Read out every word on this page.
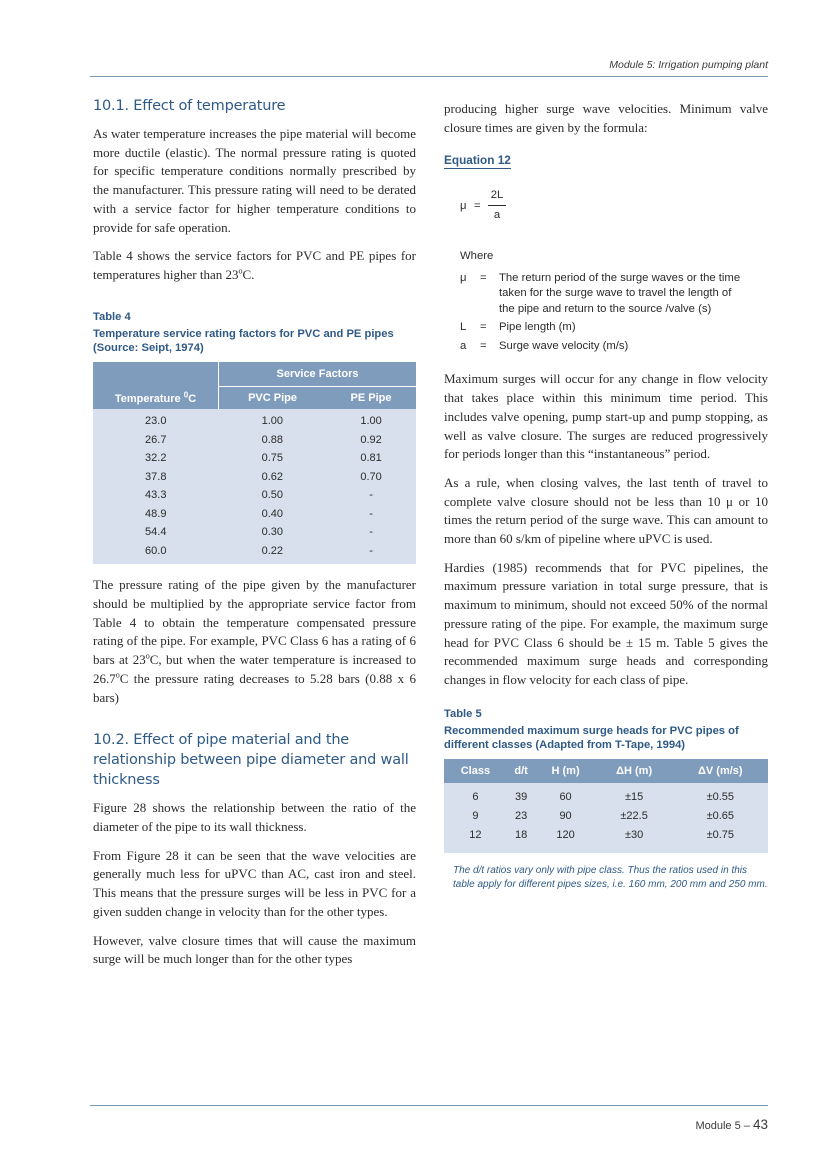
Module 5: Irrigation pumping plant
10.1. Effect of temperature

As water temperature increases the pipe material will become more ductile (elastic). The normal pressure rating is quoted for specific temperature conditions normally prescribed by the manufacturer. This pressure rating will need to be derated with a service factor for higher temperature conditions to provide for safe operation.

Table 4 shows the service factors for PVC and PE pipes for temperatures higher than 23$^o$C.

Table 4

Temperature service rating factors for PVC and PE pipes (Source: Seipt, 1974)

Temperature $^0$C	Service Factors	
	PVC Pipe	PE Pipe
23.0	1.00	1.00
26.7	0.88	0.92
32.2	0.75	0.81
37.8	0.62	0.70
43.3	0.50	-
48.9	0.40	-
54.4	0.30	-
60.0	0.22	-

The pressure rating of the pipe given by the manufacturer should be multiplied by the appropriate service factor from Table 4 to obtain the temperature compensated pressure rating of the pipe. For example, PVC Class 6 has a rating of 6 bars at 23$^o$C, but when the water temperature is increased to 26.7$^o$C the pressure rating decreases to 5.28 bars (0.88 x 6 bars)

10.2. Effect of pipe material and the relationship between pipe diameter and wall thickness

Figure 28 shows the relationship between the ratio of the diameter of the pipe to its wall thickness.

From Figure 28 it can be seen that the wave velocities are generally much less for uPVC than AC, cast iron and steel. This means that the pressure surges will be less in PVC for a given sudden change in velocity than for the other types.

However, valve closure times that will cause the maximum surge will be much longer than for the other types

producing higher surge wave velocities. Minimum valve closure times are given by the formula:

Equation 12
μ =
2L
a
Where
μ	=	The return period of the surge waves or the time taken for the surge wave to travel the length of the pipe and return to the source /valve (s)
L	=	Pipe length (m)
a	=	Surge wave velocity (m/s)

Maximum surges will occur for any change in flow velocity that takes place within this minimum time period. This includes valve opening, pump start-up and pump stopping, as well as valve closure. The surges are reduced progressively for periods longer than this “instantaneous” period.

As a rule, when closing valves, the last tenth of travel to complete valve closure should not be less than 10 μ or 10 times the return period of the surge wave. This can amount to more than 60 s/km of pipeline where uPVC is used.

Hardies (1985) recommends that for PVC pipelines, the maximum pressure variation in total surge pressure, that is maximum to minimum, should not exceed 50% of the normal pressure rating of the pipe. For example, the maximum surge head for PVC Class 6 should be ± 15 m. Table 5 gives the recommended maximum surge heads and corresponding changes in flow velocity for each class of pipe.

Table 5

Recommended maximum surge heads for PVC pipes of different classes (Adapted from T-Tape, 1994)

Class	d/t	H (m)	ΔH (m)	ΔV (m/s)

6	39	60	±15	±0.55
9	23	90	±22.5	±0.65
12	18	120	±30	±0.75

The d/t ratios vary only with pipe class. Thus the ratios used in this table apply for different pipes sizes, i.e. 160 mm, 200 mm and 250 mm.
Module 5 – 43
